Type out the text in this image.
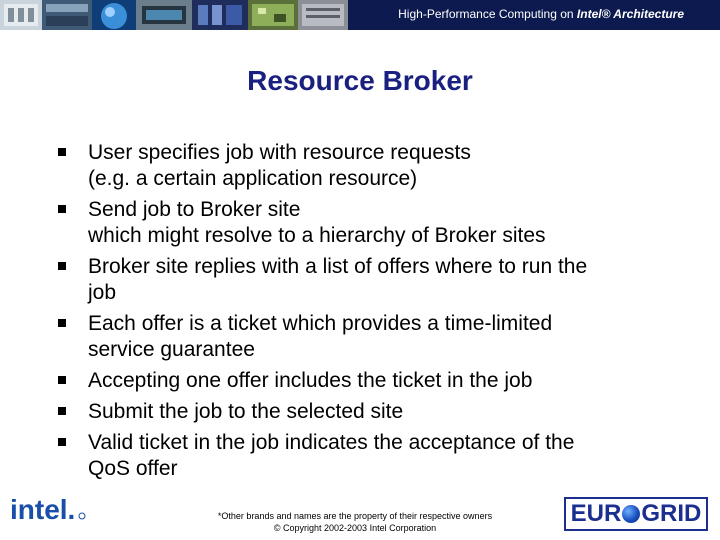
High-Performance Computing on Intel® Architecture
Resource Broker
User specifies job with resource requests
(e.g. a certain application resource)
Send job to Broker site
which might resolve to a hierarchy of Broker sites
Broker site replies with a list of offers where to run the
job
Each offer is a ticket which provides a time-limited
service guarantee
Accepting one offer includes the ticket in the job
Submit the job to the selected site
Valid ticket in the job indicates the acceptance of the
QoS offer
intel.	*Other brands and names are the property of their respective owners
© Copyright 2002-2003 Intel Corporation
EUR GRID
